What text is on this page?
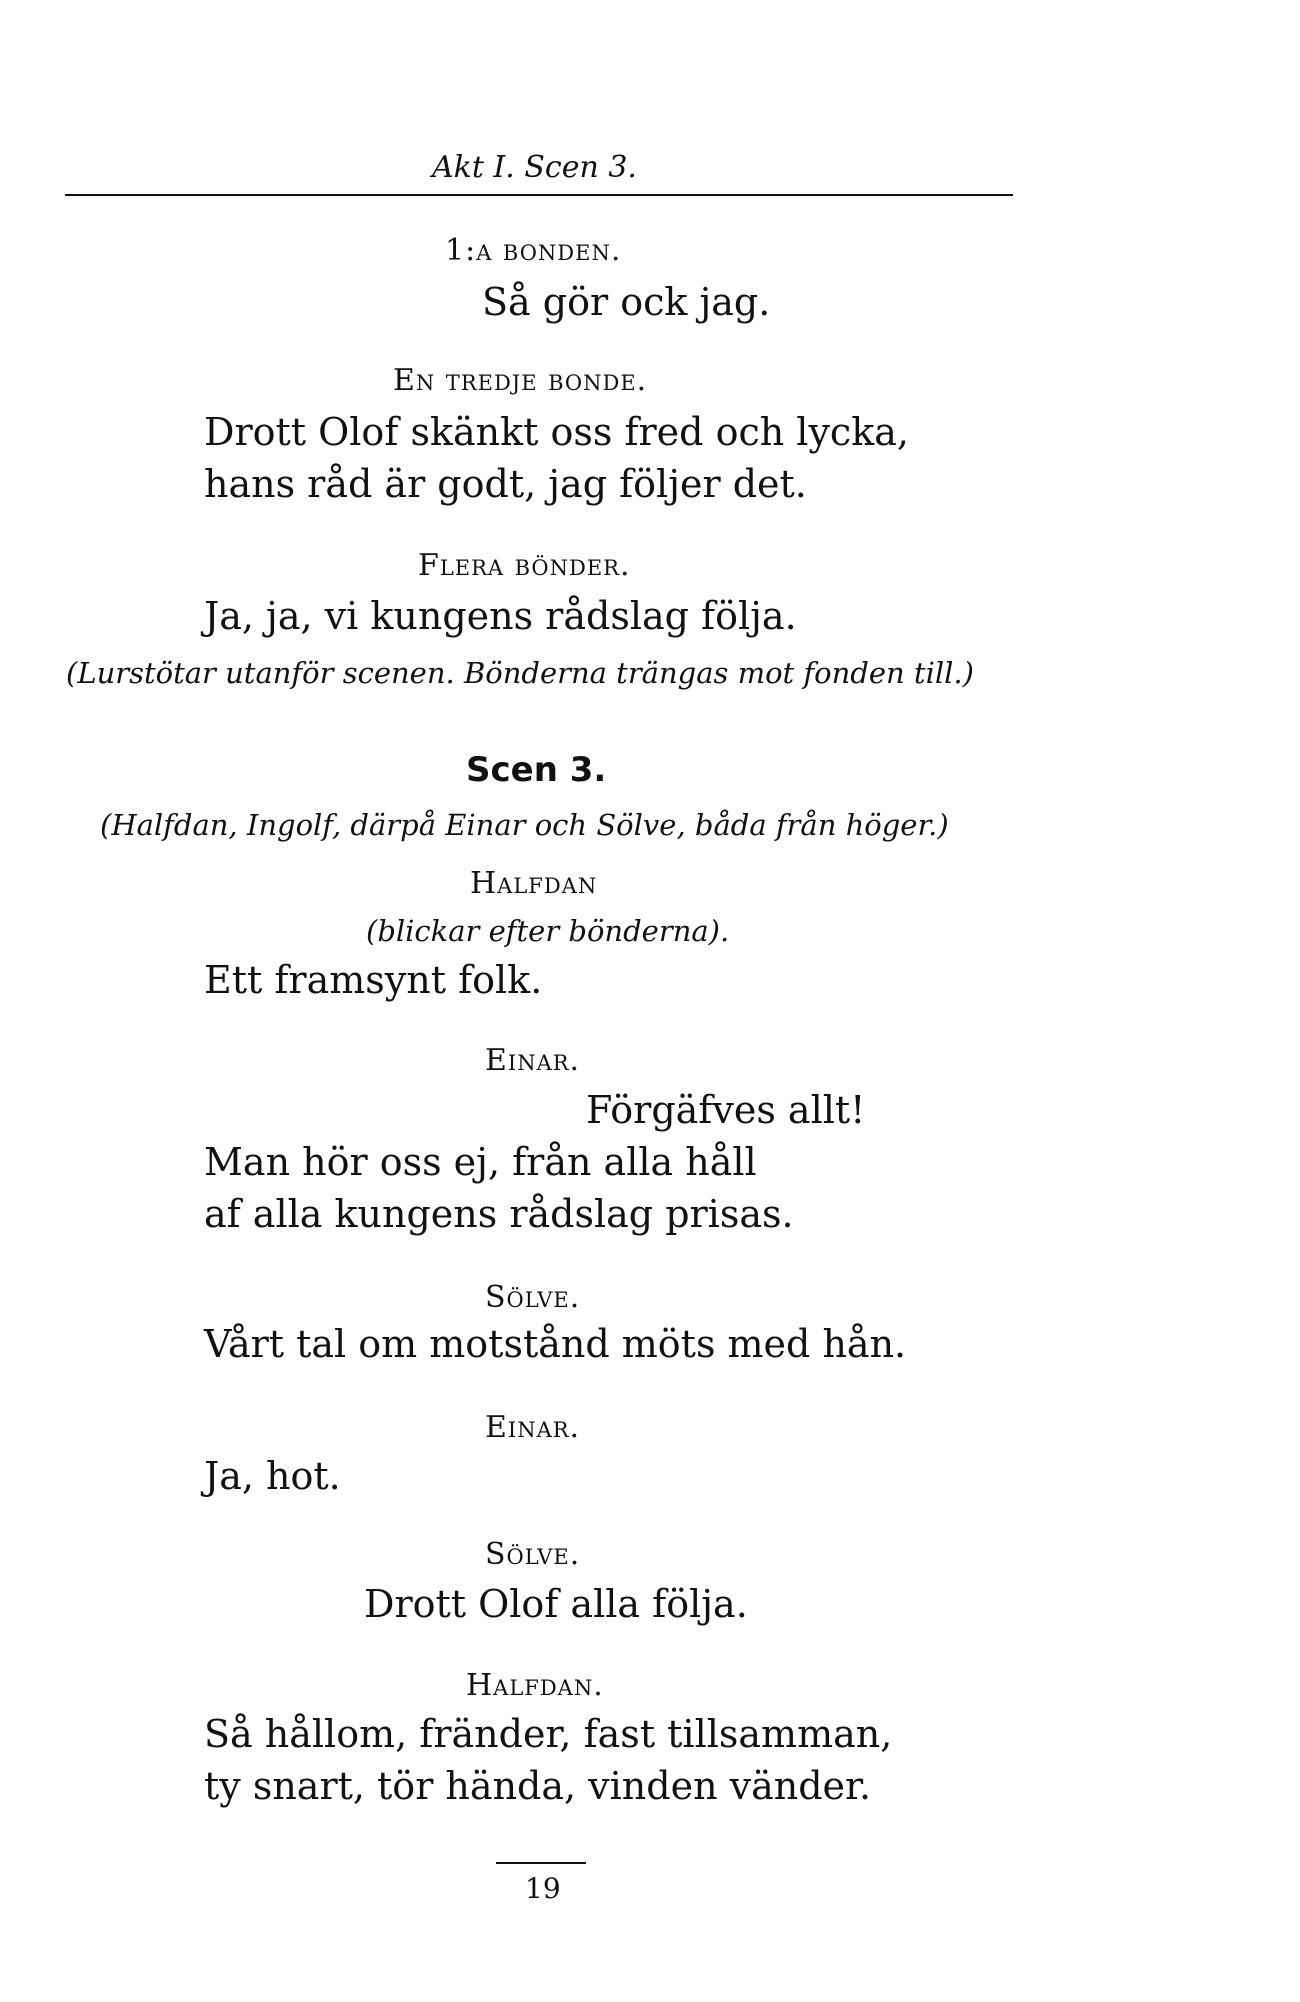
Akt I. Scen 3.
1:a bonden.
Så gör ock jag.
En tredje bonde.
Drott Olof skänkt oss fred och lycka,
hans råd är godt, jag följer det.
Flera bönder.
Ja, ja, vi kungens rådslag följa.
(Lurstötar utanför scenen. Bönderna trängas mot fonden till.)
Scen 3.
(Halfdan, Ingolf, därpå Einar och Sölve, båda från höger.)
Halfdan
(blickar efter bönderna).
Ett framsynt folk.
Einar.
Förgäfves allt!
Man hör oss ej, från alla håll
af alla kungens rådslag prisas.
Sölve.
Vårt tal om motstånd möts med hån.
Einar.
Ja, hot.
Sölve.
Drott Olof alla följa.
Halfdan.
Så hållom, fränder, fast tillsamman,
ty snart, tör hända, vinden vänder.
19
